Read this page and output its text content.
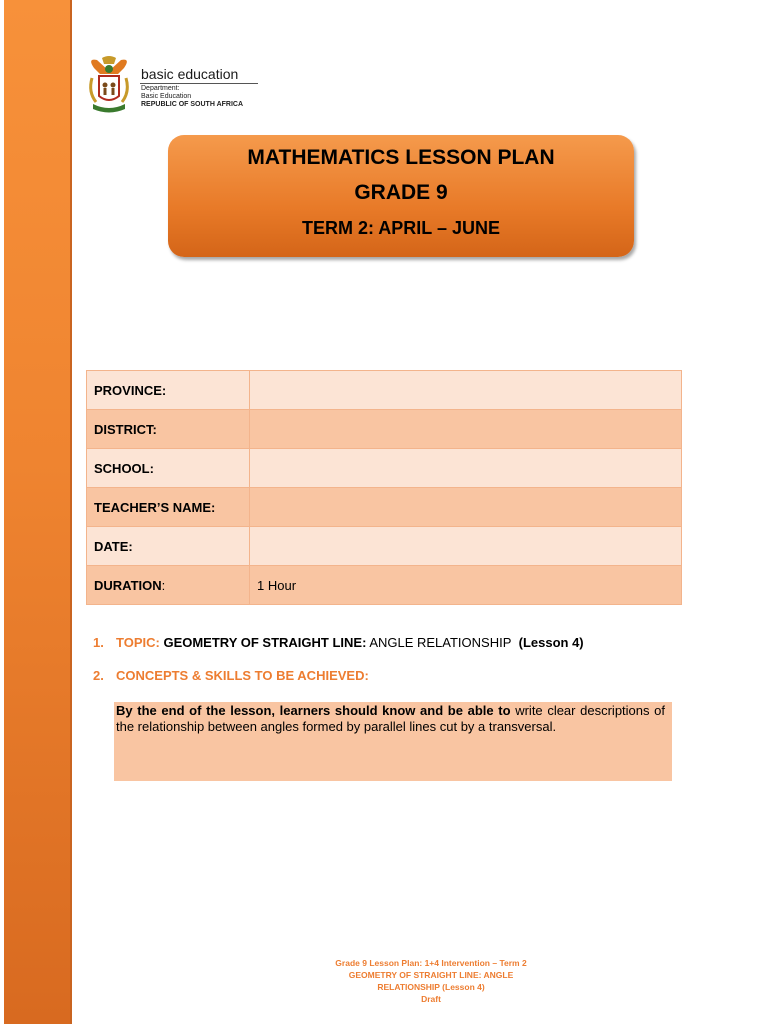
basic education
Department:
Basic Education
REPUBLIC OF SOUTH AFRICA
MATHEMATICS LESSON PLAN
GRADE 9
TERM 2: APRIL – JUNE
PROVINCE:	
DISTRICT:	
SCHOOL:	
TEACHER’S NAME:	
DATE:	
DURATION:	1 Hour
1. TOPIC: GEOMETRY OF STRAIGHT LINE: ANGLE RELATIONSHIP (Lesson 4)
2. CONCEPTS & SKILLS TO BE ACHIEVED:
By the end of the lesson, learners should know and be able to write clear descriptions of the relationship between angles formed by parallel lines cut by a transversal.
Grade 9 Lesson Plan: 1+4 Intervention – Term 2
GEOMETRY OF STRAIGHT LINE: ANGLE
RELATIONSHIP (Lesson 4)
Draft
